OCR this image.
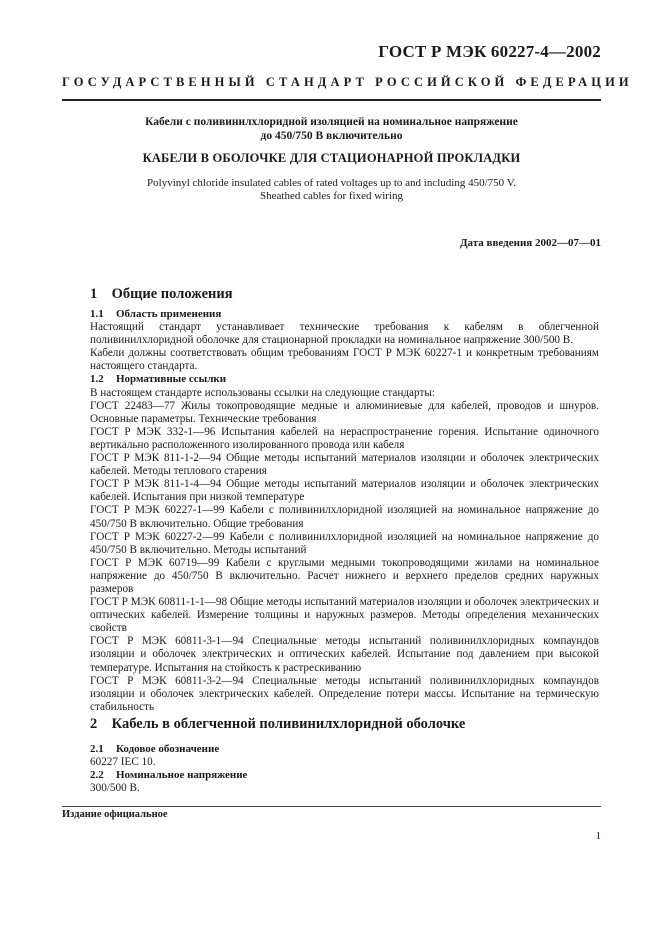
ГОСТ Р МЭК 60227-4—2002
ГОСУДАРСТВЕННЫЙ СТАНДАРТ РОССИЙСКОЙ ФЕДЕРАЦИИ
Кабели с поливинилхлоридной изоляцией на номинальное напряжение
до 450/750 В включительно
КАБЕЛИ В ОБОЛОЧКЕ ДЛЯ СТАЦИОНАРНОЙ ПРОКЛАДКИ
Polyvinyl chloride insulated cables of rated voltages up to and including 450/750 V.
Sheathed cables for fixed wiring
Дата введения 2002—07—01
1 Общие положения
1.1 Область применения

Настоящий стандарт устанавливает технические требования к кабелям в облегченной поливинилхлоридной оболочке для стационарной прокладки на номинальное напряжение 300/500 В.

Кабели должны соответствовать общим требованиям ГОСТ Р МЭК 60227-1 и конкретным требованиям настоящего стандарта.

1.2 Нормативные ссылки

В настоящем стандарте использованы ссылки на следующие стандарты:

ГОСТ 22483—77 Жилы токопроводящие медные и алюминиевые для кабелей, проводов и шнуров. Основные параметры. Технические требования

ГОСТ Р МЭК 332-1—96 Испытания кабелей на нераспространение горения. Испытание одиночного вертикально расположенного изолированного провода или кабеля

ГОСТ Р МЭК 811-1-2—94 Общие методы испытаний материалов изоляции и оболочек электрических кабелей. Методы теплового старения

ГОСТ Р МЭК 811-1-4—94 Общие методы испытаний материалов изоляции и оболочек электрических кабелей. Испытания при низкой температуре

ГОСТ Р МЭК 60227-1—99 Кабели с поливинилхлоридной изоляцией на номинальное напряжение до 450/750 В включительно. Общие требования

ГОСТ Р МЭК 60227-2—99 Кабели с поливинилхлоридной изоляцией на номинальное напряжение до 450/750 В включительно. Методы испытаний

ГОСТ Р МЭК 60719—99 Кабели с круглыми медными токопроводящими жилами на номинальное напряжение до 450/750 В включительно. Расчет нижнего и верхнего пределов средних наружных размеров

ГОСТ Р МЭК 60811-1-1—98 Общие методы испытаний материалов изоляции и оболочек электрических и оптических кабелей. Измерение толщины и наружных размеров. Методы определения механических свойств

ГОСТ Р МЭК 60811-3-1—94 Специальные методы испытаний поливинилхлоридных компаундов изоляции и оболочек электрических и оптических кабелей. Испытание под давлением при высокой температуре. Испытания на стойкость к растрескиванию

ГОСТ Р МЭК 60811-3-2—94 Специальные методы испытаний поливинилхлоридных компаундов изоляции и оболочек электрических кабелей. Определение потери массы. Испытание на термическую стабильность

2 Кабель в облегченной поливинилхлоридной оболочке
2.1 Кодовое обозначение

60227 IEC 10.

2.2 Номинальное напряжение

300/500 В.

Издание официальное
1
